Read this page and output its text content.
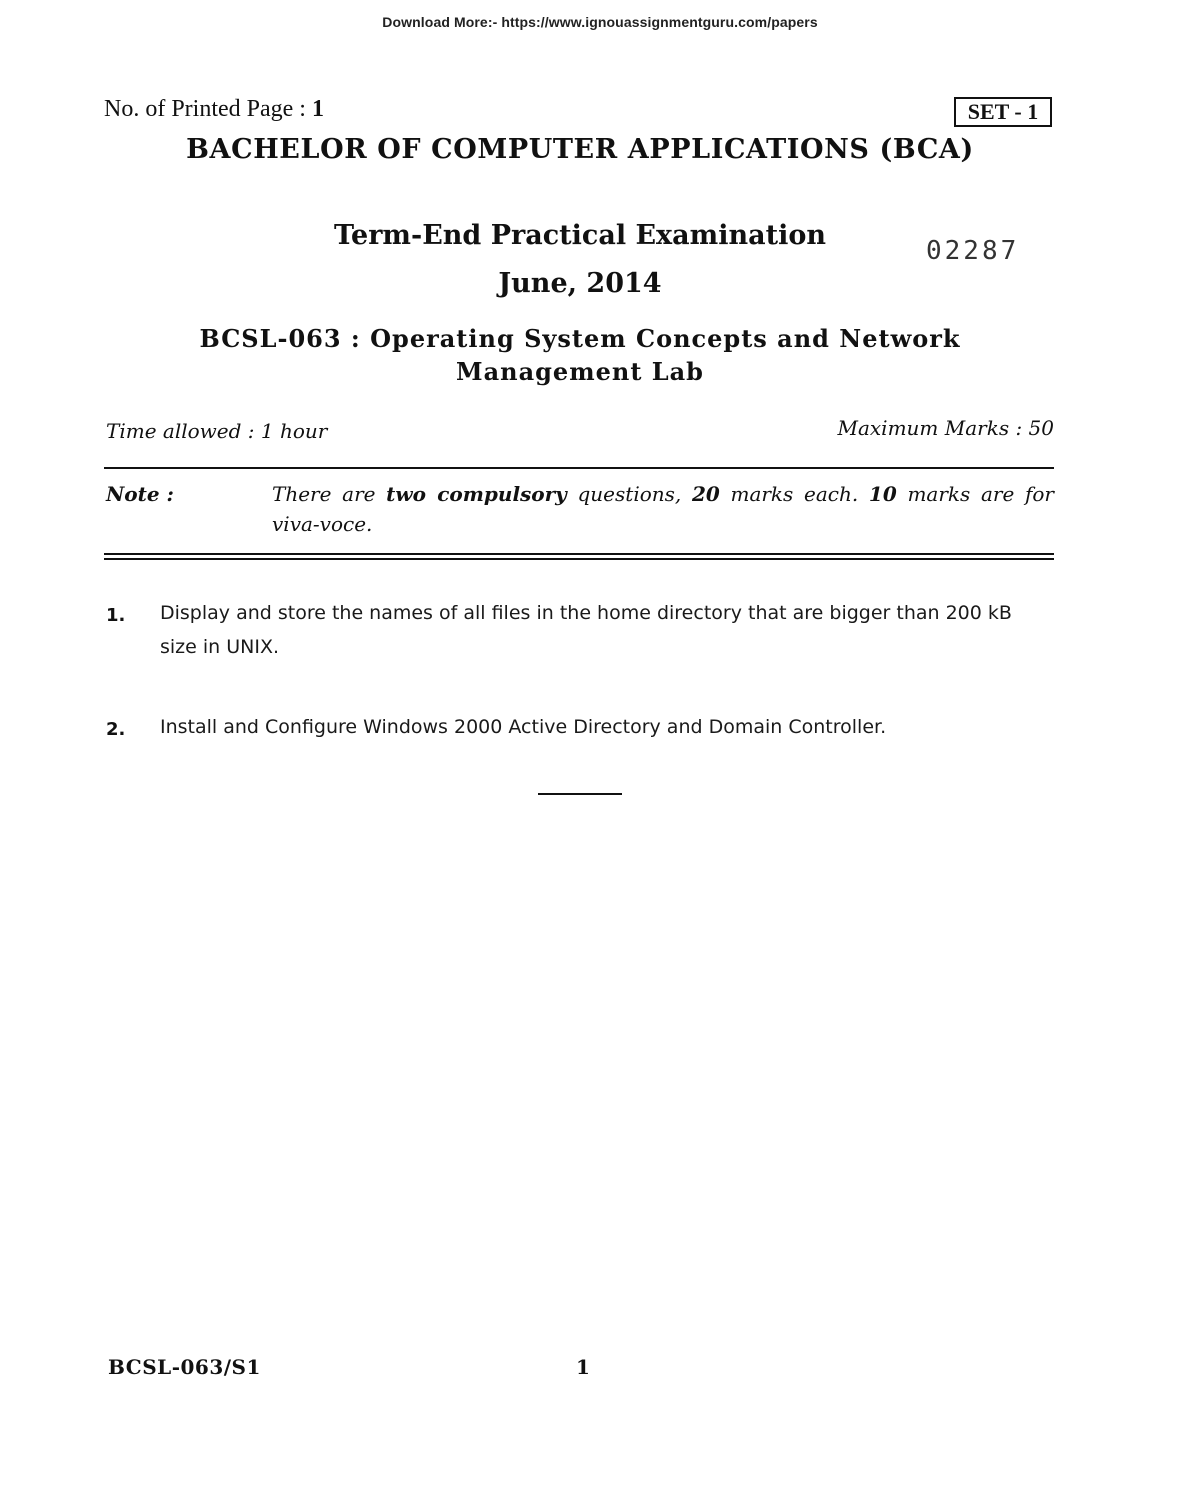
Download More:- https://www.ignouassignmentguru.com/papers
No. of Printed Page : 1	SET - 1
BACHELOR OF COMPUTER APPLICATIONS (BCA)
Term-End Practical Examination	02287
June, 2014
BCSL-063 : Operating System Concepts and Network
Management Lab
Time allowed : 1 hour	Maximum Marks : 50
Note :	There are two compulsory questions, 20 marks each. 10 marks are for viva-voce.
1. Display and store the names of all files in the home directory that are bigger than 200 kB size in UNIX.
2. Install and Configure Windows 2000 Active Directory and Domain Controller.
BCSL-063/S1	1
